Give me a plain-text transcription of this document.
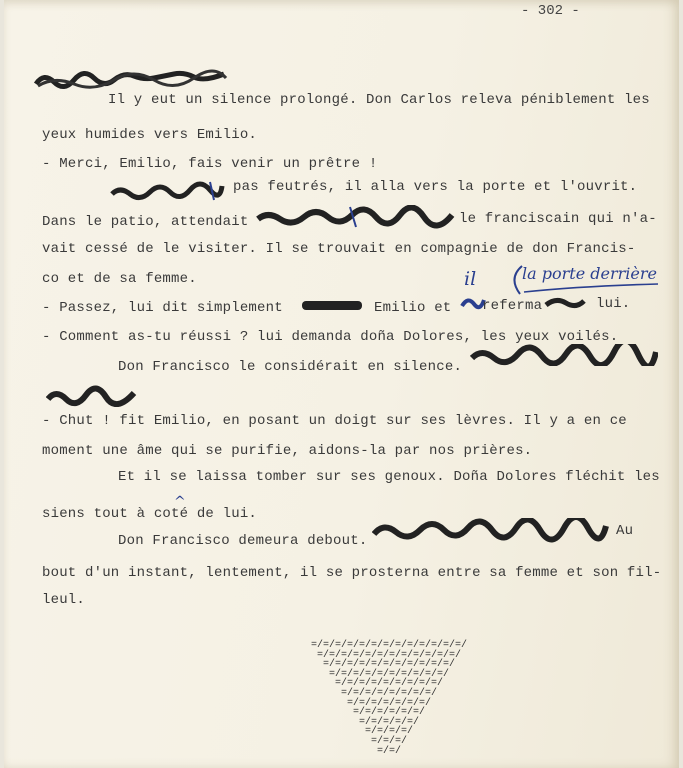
- 302 -
Il y eut un silence prolongé. Don Carlos releva péniblement les
yeux humides vers Emilio.
- Merci, Emilio, fais venir un prêtre !
pas feutrés, il alla vers la porte et l'ouvrit.
Dans le patio, attendait	le franciscain qui n'a-
vait cessé de le visiter. Il se trouvait en compagnie de don Francis-
co et de sa femme.	il	la porte derrière
- Passez, lui dit simplement	Emilio et referma	lui.
- Comment as-tu réussi ? lui demanda doña Dolores, les yeux voilés.
Don Francisco le considérait en silence.
- Chut ! fit Emilio, en posant un doigt sur ses lèvres. Il y a en ce
moment une âme qui se purifie, aidons-la par nos prières.
Et il se laissa tomber sur ses genoux. Doña Dolores fléchit les
^
siens tout à coté de lui.
Don Francisco demeura debout.
Au
bout d'un instant, lentement, il se prosterna entre sa femme et son fil-
leul.
=/=/=/=/=/=/=/=/=/=/=/=/=/
=/=/=/=/=/=/=/=/=/=/=/=/
=/=/=/=/=/=/=/=/=/=/=/
=/=/=/=/=/=/=/=/=/=/
=/=/=/=/=/=/=/=/=/
=/=/=/=/=/=/=/=/
=/=/=/=/=/=/=/
=/=/=/=/=/=/
=/=/=/=/=/
=/=/=/=/
=/=/=/
=/=/
